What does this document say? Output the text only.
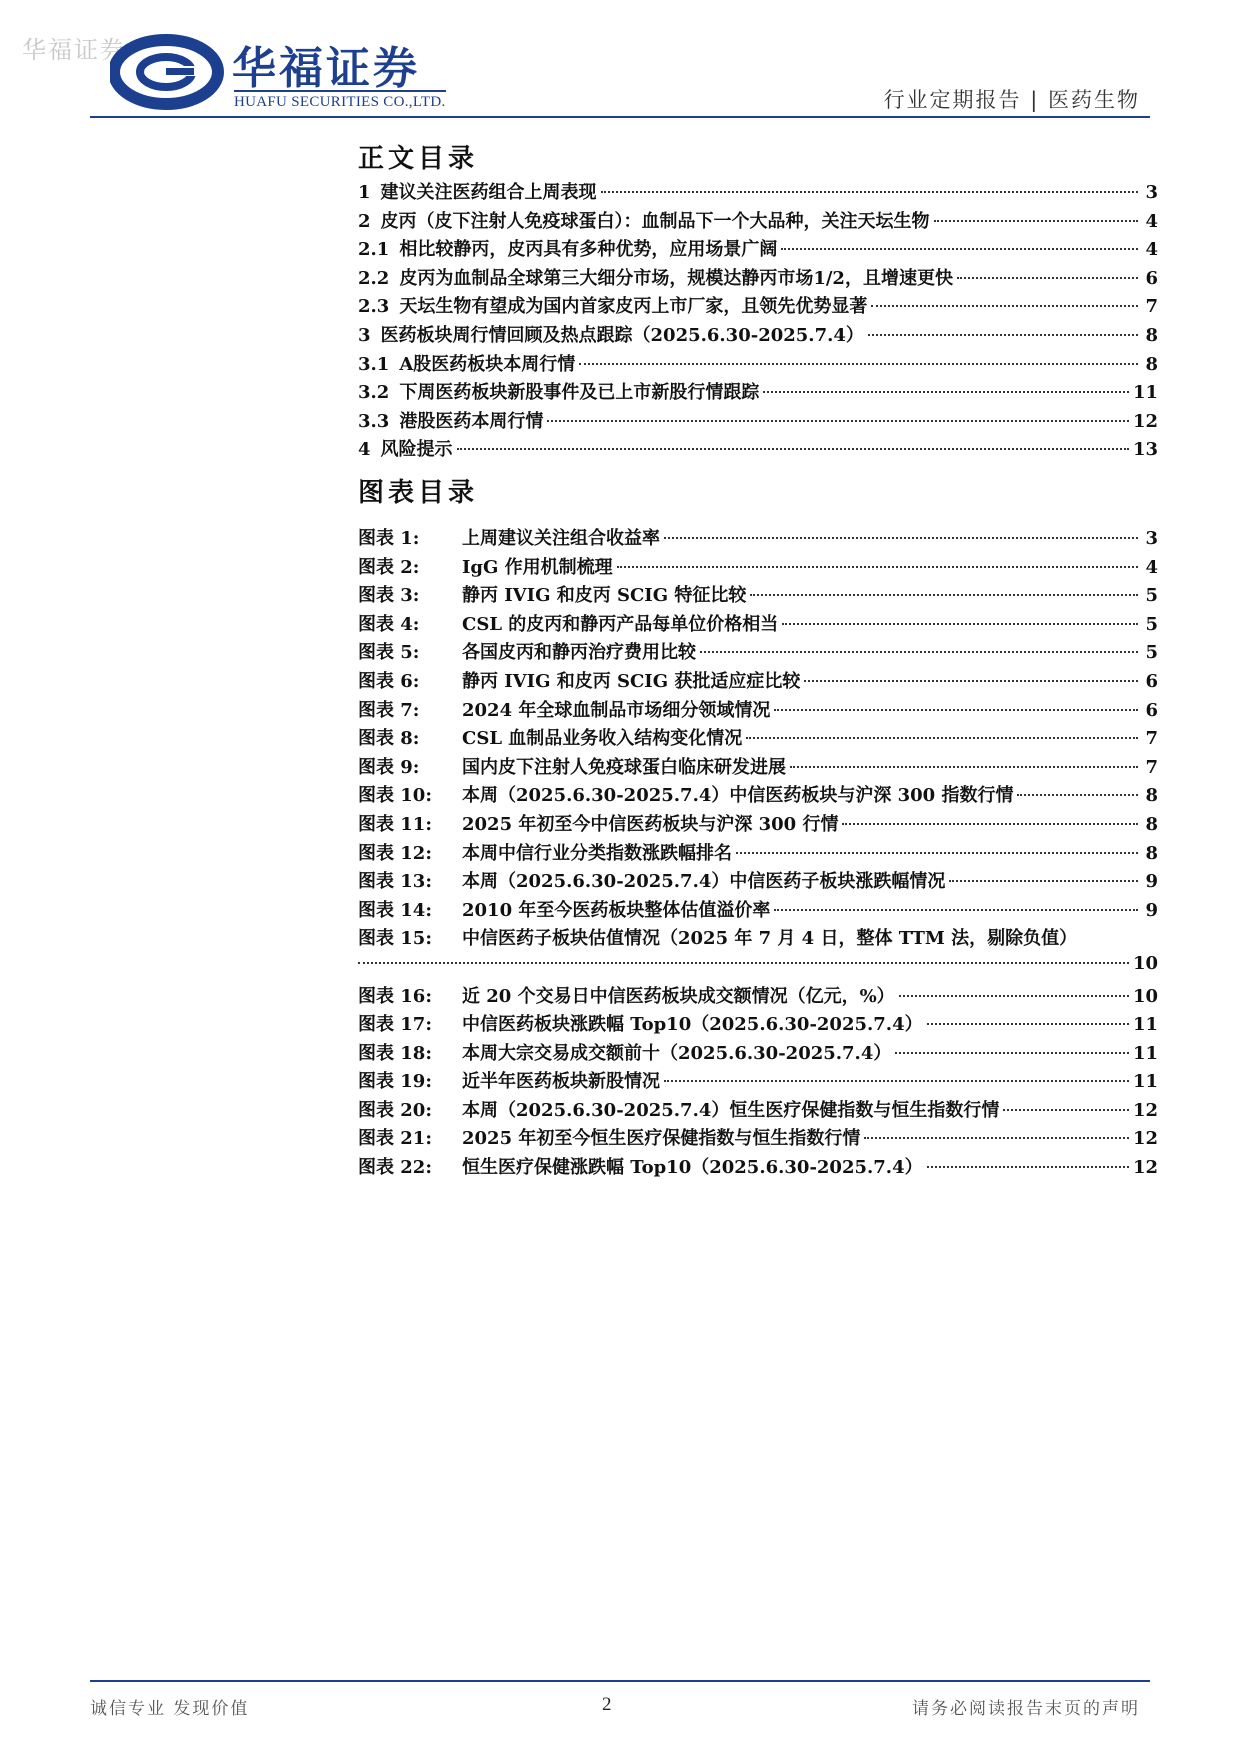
华福证券 华福证券
HUAFU SECURITIES CO.,LTD.	行业定期报告 | 医药生物
正文目录
1 建议关注医药组合上周表现	3
2 皮丙（皮下注射人免疫球蛋白）：血制品下一个大品种，关注天坛生物	4
2.1 相比较静丙，皮丙具有多种优势，应用场景广阔	4
2.2 皮丙为血制品全球第三大细分市场，规模达静丙市场1/2，且增速更快	6
2.3 天坛生物有望成为国内首家皮丙上市厂家，且领先优势显著	7
3 医药板块周行情回顾及热点跟踪（2025.6.30-2025.7.4）	8
3.1 A股医药板块本周行情	8
3.2 下周医药板块新股事件及已上市新股行情跟踪	11
3.3 港股医药本周行情	12
4 风险提示	13
图表目录
图表 1:	上周建议关注组合收益率	3
图表 2:	IgG 作用机制梳理	4
图表 3:	静丙 IVIG 和皮丙 SCIG 特征比较	5
图表 4:	CSL 的皮丙和静丙产品每单位价格相当	5
图表 5:	各国皮丙和静丙治疗费用比较	5
图表 6:	静丙 IVIG 和皮丙 SCIG 获批适应症比较	6
图表 7:	2024 年全球血制品市场细分领域情况	6
图表 8:	CSL 血制品业务收入结构变化情况	7
图表 9:	国内皮下注射人免疫球蛋白临床研发进展	7
图表 10:	本周（2025.6.30-2025.7.4）中信医药板块与沪深 300 指数行情	8
图表 11:	2025 年初至今中信医药板块与沪深 300 行情	8
图表 12:	本周中信行业分类指数涨跌幅排名	8
图表 13:	本周（2025.6.30-2025.7.4）中信医药子板块涨跌幅情况	9
图表 14:	2010 年至今医药板块整体估值溢价率	9
图表 15:	中信医药子板块估值情况（2025 年 7 月 4 日，整体 TTM 法，剔除负值）
10
图表 16:	近 20 个交易日中信医药板块成交额情况（亿元，%）	10
图表 17:	中信医药板块涨跌幅 Top10（2025.6.30-2025.7.4）	11
图表 18:	本周大宗交易成交额前十（2025.6.30-2025.7.4）	11
图表 19:	近半年医药板块新股情况	11
图表 20:	本周（2025.6.30-2025.7.4）恒生医疗保健指数与恒生指数行情	12
图表 21:	2025 年初至今恒生医疗保健指数与恒生指数行情	12
图表 22:	恒生医疗保健涨跌幅 Top10（2025.6.30-2025.7.4）	12
诚信专业 发现价值	2	请务必阅读报告末页的声明
